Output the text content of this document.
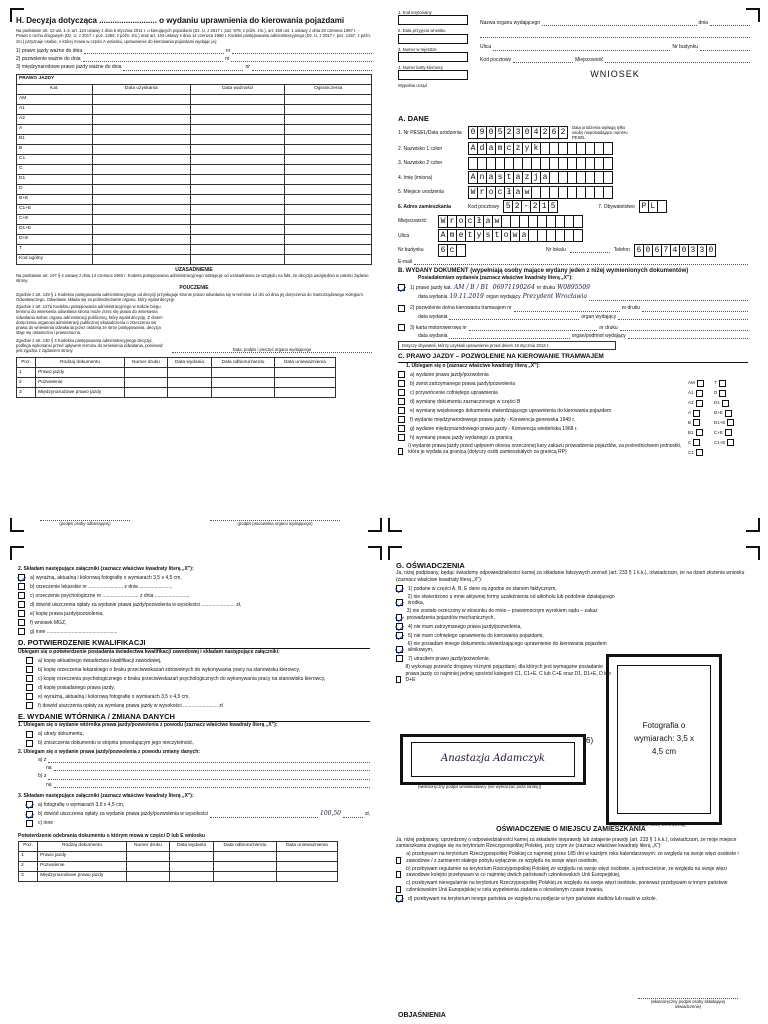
H. Decyzja dotycząca .......................... o wydaniu uprawnienia do kierowania pojazdami
Na podstawie art. 10 ust. 1-3, art. 124 ustawy z dnia 5 stycznia 2011 r. o kierujących pojazdami (Dz. U. z 2017 r. poz. 978, z późn. zm.), art. 150 ust. 1 ustawy z dnia 20 czerwca 1997 r. - Prawo o ruchu drogowym (Dz. U. z 2017 r. poz. 1260, z późn. zm.) oraz art. 104 ustawy z dnia 14 czerwca 1960 r. Kodeks postępowania administracyjnego (Dz. U. z 2017 r. poz. 1257, z późn. zm.) przyznaje osobie, o której mowa w części A wniosku, uprawnienie do kierowania pojazdami wydając jej:
1) prawo jazdy ważne do dnia	nr
2) pozwolenie ważne do dnia	nr
3) międzynarodowe prawo jazdy ważne do dnia	nr
PRAWO JAZDY			
Kat.	Data uzyskania	Data ważności	Ograniczenia
AM			
A1			
A2			
A			
B1			
B			
C1			
C			
D1			
D			
B+E			
C1+E			
C+E			
D1+E			
D+E			
T			
Kod ogólny			
UZASADNIENIE
Na podstawie art. 107 § 4 ustawy z dnia 14 czerwca 1960 r. Kodeks postępowania administracyjnego odstępuje od uzasadnienia ze względu na fakt, że decyzja uwzględnia w całości żądanie strony.
POUCZENIE
Zgodnie z art. 129 § 1 Kodeksu postępowania administracyjnego od decyzji przysługuje stronie prawo odwołania się w terminie 14 dni od dnia jej doręczenia do Samorządowego Kolegium Odwoławczego. Odwołanie składa się za pośrednictwem organu, który wydał decyzję.
Zgodnie z art. 127a Kodeksu postępowania administracyjnego w trakcie biegu terminu do wniesienia odwołania strona może zrzec się prawa do wniesienia odwołania wobec organu administracji publicznej, który wydał decyzję. Z dniem doręczenia organowi administracji publicznej oświadczenia o zrzeczeniu się prawa do wniesienia odwołania przez ostatnią ze stron postępowania, decyzja staje się ostateczna i prawomocna.
Zgodnie z art. 130 § 4 Kodeksu postępowania administracyjnego decyzja podlega wykonaniu przed upływem terminu do wniesienia odwołania, ponieważ jest zgodna z żądaniem strony.	Data, podpis i pieczęć organu wydającego
Poz.	Rodzaj dokumentu	Numer druku	Data wydania	Data odbioru/zwrotu	Data unieważnienia
1	Prawo jazdy				
2	Pozwolenie				
3	Międzynarodowe prawo jazdy				
(podpis osoby odbierającej)	(podpis pracownika organu wydającego)
1. Kod terytorialny
2. Data przyjęcia wniosku
3. Numer w rejestrze
4. Numer karty kierowcy
Wypełnia urząd
Nazwa organu wydającego	dnia
Ulica	Nr budynku
Kod pocztowy	Miejscowość
WNIOSEK
A. DANE
1. Nr PESEL/Data urodzenia	0 9 0 5 2 3 0 4 2 6 2
Data urodzenia wpisują tylko osoby nieposiadające numeru PESEL
2. Nazwisko 1 człon	A d a m c z y k
3. Nazwisko 2 człon
4. Imię (imiona)	A n a s t a z j a
5. Miejsce urodzenia	W r o c ł a w
6. Adres zamieszkania	Kod pocztowy 5 2 - 2 1 5	7. Obywatelstwo P L
Miejscowość	W r o c ł a w
Ulica	A m e t y s t o w a
Nr budynku	6 c	Nr lokalu	Telefon 6 0 6 7 4 0 3 3 0
E-mail
B. WYDANY DOKUMENT (wypełniają osoby mające wydany jeden z niżej wymienionych dokumentów)
Posiadałem/am wydane/a (zaznacz właściwe kwadraty literą „X”):
1) prawo jazdy kat. AM / B / B1 06971190264 nr druku W0895509
data wydania 19.11.2019 organ wydający Prezydent Wrocławia
2) pozwolenie do/na kierowania tramwajem nr	nr druku
data wydania	organ wydający
3) karta motorowerowa nr	nr druku
data wydania	organ/podmiot wydający
Dotyczy obywateli, którzy uzyskali uprawnienie przed dniem 19 stycznia 2013 r.
C. PRAWO JAZDY – POZWOLENIE NA KIEROWANIE TRAMWAJEM
1. Ubiegam się o (zaznacz właściwe kwadraty literą „X”):
a) wydanie prawa jazdy/pozwolenia
b) zwrot zatrzymanego prawa jazdy/pozwolenia
c) przywrócenie cofniętego uprawnienia
d) wymianę dokumentu zaznaczonego w części B
e) wymianę wojskowego dokumentu stwierdzającego uprawnienia do kierowania pojazdem
f) wydanie międzynarodowego prawa jazdy - Konwencja genewska 1949 r.
g) wydanie międzynarodowego prawa jazdy - Konwencja wiedeńska 1968 r.
h) wymianę prawa jazdy wydanego za granicą
i) wydanie prawa jazdy przed upływem okresu orzeczonej kary zakazu prowadzenia pojazdów, za pośrednictwem jednostki, która je wydała za granicą (dotyczy osób zamieszkałych za granicą RP)
AM	T
A1	D
A2	D1
A	D+E
B	D1+E
B1	C+E
C	C1+E
C1
2. Składam następujące załączniki (zaznacz właściwe kwadraty literą „X”):
a) wyraźną, aktualną i kolorową fotografię o wymiarach 3,5 x 4,5 cm,
b) orzeczenie lekarskie nr ......................... z dnia .......................,
c) orzeczenie psychologiczne nr .......................... z dnia ........................,
d) dowód uiszczenia opłaty za wydanie prawa jazdy/pozwolenia w wysokości ........................ zł,
e) kopię prawa jazdy/pozwolenia,
f) wniosek MGZ,
g) inne ...................................................
D. POTWIERDZENIE KWALIFIKACJI
Ubiegam się o potwierdzenie posiadania świadectwa kwalifikacji zawodowej i składam następujące załączniki:
a) kopię aktualnego świadectwa kwalifikacji zawodowej,
b) kopię orzeczenia lekarskiego o braku przeciwwskazań zdrowotnych do wykonywania pracy na stanowisku kierowcy,
c) kopię orzeczenia psychologicznego o braku przeciwwskazań psychologicznych do wykonywania pracy na stanowisku kierowcy,
d) kopię posiadanego prawa jazdy,
e) wyraźną, aktualną i kolorową fotografię o wymiarach 3,5 x 4,5 cm,
f) dowód uiszczenia opłaty za wymianę prawa jazdy w wysokości ......................... zł
E. WYDANIE WTÓRNIKA / ZMIANA DANYCH
1. Ubiegam się o wydanie wtórnika prawa jazdy/pozwolenia z powodu (zaznacz właściwe kwadraty literą „X”):
a) utraty dokumentu,
b) zniszczenia dokumentu w stopniu powodującym jego nieczytelność,
2. Ubiegam się o wydanie prawa jazdy/pozwolenia z powodu zmiany danych:
a) z
na
b) z
na
3. Składam następujące załączniki (zaznacz właściwe kwadraty literą „X”):
a) fotografię o wymiarach 3,5 x 4,5 cm,
b) dowód uiszczenia opłaty za wydanie prawa jazdy/pozwolenia w wysokości	100,50	zł,
c) inne
Potwierdzenie odebrania dokumentu o którym mowa w części D lub E wniosku
Poz.	Rodzaj dokumentu	Numer druku	Data wydania	Data odbioru/zwrotu	Data unieważnienia
1	Prawo jazdy				
2	Pozwolenie				
3	Międzynarodowe prawo jazdy				
G. OŚWIADCZENIA
Ja, niżej podpisany, będąc świadomy odpowiedzialności karnej za składanie fałszywych zeznań (art. 233 § 1 k.k.), oświadczam, że na dzień złożenia wniosku (zaznacz właściwe kwadraty literą „X”):
1) podane w części A, B, E dane są zgodne ze stanem faktycznym,
2) nie stwierdzono u mnie aktywnej formy uzależnienia od alkoholu lub podobnie działającego środka,
3) nie zostało orzeczony w stosunku do mnie – prawomocnym wyrokiem sądu – zakaz prowadzenia pojazdów mechanicznych,
4) nie mam zatrzymanego prawa jazdy/pozwolenia,
5) nie mam cofniętego uprawnienia do kierowania pojazdami,
6) nie posiadam innego dokumentu stwierdzającego uprawnienie do kierowania pojazdem silnikowym,
7) utraciłem prawo jazdy/pozwolenie,
8) wykonuję przewóz drogowy różnymi pojazdami, dla których jest wymagane posiadanie prawa jazdy co najmniej jednej spośród kategorii C1, C1+E, C lub C+E oraz D1, D1+E, D lub D+E
Fotografia o wymiarach: 3,5 x 4,5 cm
(nie wykraczać poza ramkę wewnętrzną)
Anastazja Adamczyk
6)
(własnoręczny podpis wnioskodawcy (nie wykraczać poza ramkę))
OŚWIADCZENIE O MIEJSCU ZAMIESZKANIA
Ja, niżej podpisany, uprzedzony o odpowiedzialności karnej za składanie nieprawdy lub zatajenie prawdy (art. 233 § 1 k.k.), oświadczam, że moje miejsce zamieszkania znajduje się na terytorium Rzeczypospolitej Polskiej, przy czym że (zaznacz właściwe kwadraty literą „X”):
a) przebywam na terytorium Rzeczypospolitej Polskiej co najmniej przez 185 dni w każdym roku kalendarzowym: ze względu na swoje więzi osobiste i zawodowe / z zamiarem stałego pobytu wyłącznie ze względu na swoje więzi osobiste,
b) przebywam regularnie na terytorium Rzeczypospolitej Polskiej ze względu na swoje więzi osobiste, a jednocześnie, ze względu na swoje więzi zawodowe kolejno przebywam w co najmniej dwóch państwach członkowskich Unii Europejskiej,
c) przebywam nieregularnie na terytorium Rzeczypospolitej Polskiej ze względu na swoje więzi osobiste, ponieważ przebywam w innym państwie członkowskim Unii Europejskiej w celu wypełnienia zadania o określonym czasie trwania,
d) przebywam na terytorium innego państwa ze względu na podjęcie w tym państwie studiów lub nauki w szkole.
(własnoręczny podpis osoby składającej oświadczenie)
OBJAŚNIENIA
